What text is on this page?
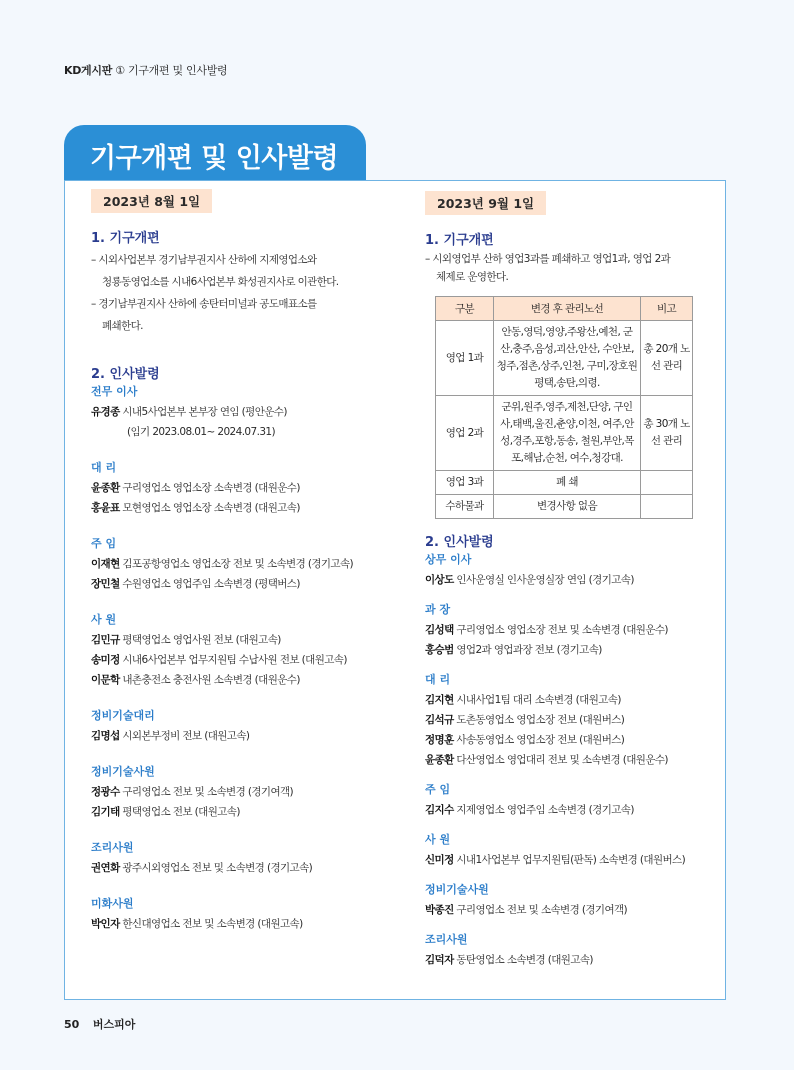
KD게시판 ① 기구개편 및 인사발령
기구개편 및 인사발령
2023년 8월 1일
1. 기구개편
– 시외사업본부 경기남부권지사 산하에 지제영업소와
청룡동영업소를 시내6사업본부 화성권지사로 이관한다.
– 경기남부권지사 산하에 송탄터미널과 공도매표소를
폐쇄한다.
2. 인사발령
전무 이사
유경종 시내5사업본부 본부장 연임 (평안운수)
(임기 2023.08.01~ 2024.07.31)
대 리
윤종환 구리영업소 영업소장 소속변경 (대원운수)
홍윤표 모현영업소 영업소장 소속변경 (대원고속)
주 임
이재현 김포공항영업소 영업소장 전보 및 소속변경 (경기고속)
장민철 수원영업소 영업주임 소속변경 (평택버스)
사 원
김민규 평택영업소 영업사원 전보 (대원고속)
송미정 시내6사업본부 업무지원팀 수납사원 전보 (대원고속)
이문학 내촌충전소 충전사원 소속변경 (대원운수)
정비기술대리
김명섭 시외본부정비 전보 (대원고속)
정비기술사원
정광수 구리영업소 전보 및 소속변경 (경기여객)
김기태 평택영업소 전보 (대원고속)
조리사원
권연화 광주시외영업소 전보 및 소속변경 (경기고속)
미화사원
박인자 한신대영업소 전보 및 소속변경 (대원고속)
2023년 9월 1일
1. 기구개편
– 시외영업부 산하 영업3과를 폐쇄하고 영업1과, 영업 2과
체제로 운영한다.
구분	변경 후 관리노선	비고
영업 1과	안동,영덕,영양,주왕산,예천, 군산,충주,음성,괴산,안산, 수안보,청주,점촌,상주,인천, 구미,장호원 평택,송탄,의령.	총 20개 노선 관리
영업 2과	군위,원주,영주,제천,단양, 구인사,태백,울진,춘양,이천, 여주,안성,경주,포항,동송, 철원,부안,목포,해남,순천, 여수,청강대.	총 30개 노선 관리
영업 3과	폐 쇄	
수하물과	변경사항 없음	
2. 인사발령
상무 이사
이상도 인사운영실 인사운영실장 연임 (경기고속)
과 장
김성택 구리영업소 영업소장 전보 및 소속변경 (대원운수)
홍승범 영업2과 영업과장 전보 (경기고속)
대 리
김지현 시내사업1팀 대리 소속변경 (대원고속)
김석규 도촌동영업소 영업소장 전보 (대원버스)
정명훈 사송동영업소 영업소장 전보 (대원버스)
윤종환 다산영업소 영업대리 전보 및 소속변경 (대원운수)
주 임
김지수 지제영업소 영업주임 소속변경 (경기고속)
사 원
신미정 시내1사업본부 업무지원팀(판독) 소속변경 (대원버스)
정비기술사원
박종진 구리영업소 전보 및 소속변경 (경기여객)
조리사원
김덕자 동탄영업소 소속변경 (대원고속)
50 버스피아
